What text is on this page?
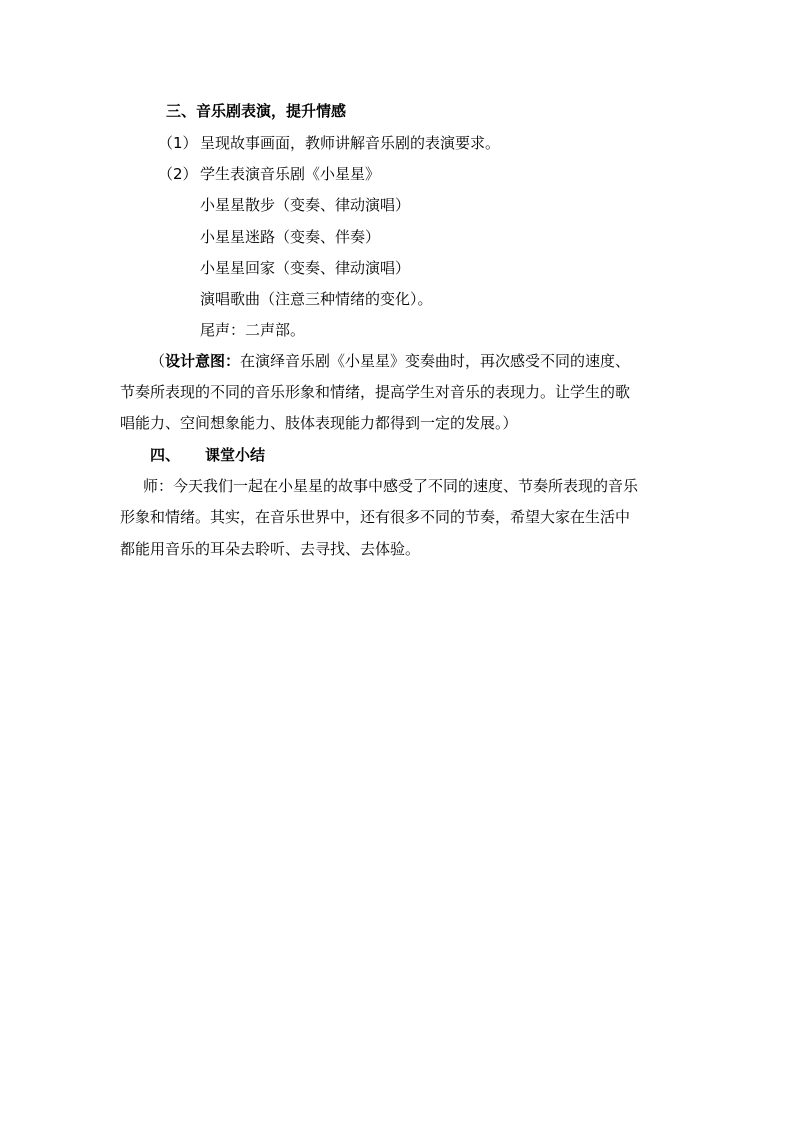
三、音乐剧表演，提升情感
（1） 呈现故事画面，教师讲解音乐剧的表演要求。
（2） 学生表演音乐剧《小星星》
小星星散步（变奏、律动演唱）
小星星迷路（变奏、伴奏）
小星星回家（变奏、律动演唱）
演唱歌曲（注意三种情绪的变化）。
尾声：二声部。
（设计意图：在演绎音乐剧《小星星》变奏曲时，再次感受不同的速度、
节奏所表现的不同的音乐形象和情绪，提高学生对音乐的表现力。让学生的歌
唱能力、空间想象能力、肢体表现能力都得到一定的发展。）
四、 课堂小结
师：今天我们一起在小星星的故事中感受了不同的速度、节奏所表现的音乐
形象和情绪。其实，在音乐世界中，还有很多不同的节奏，希望大家在生活中
都能用音乐的耳朵去聆听、去寻找、去体验。
